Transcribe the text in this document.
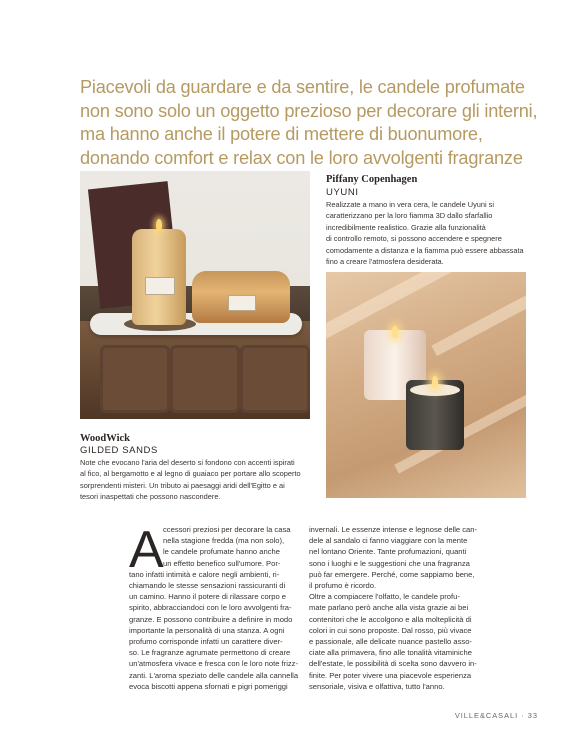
Piacevoli da guardare e da sentire, le candele profumate
non sono solo un oggetto prezioso per decorare gli interni,
ma hanno anche il potere di mettere di buonumore,
donando comfort e relax con le loro avvolgenti fragranze
Piffany Copenhagen
UYUNI
Realizzate a mano in vera cera, le candele Uyuni si
caratterizzano per la loro fiamma 3D dallo sfarfallio
incredibilmente realistico. Grazie alla funzionalità
di controllo remoto, si possono accendere e spegnere
comodamente a distanza e la fiamma può essere abbassata
fino a creare l'atmosfera desiderata.
WoodWick
GILDED SANDS
Note che evocano l'aria del deserto si fondono con accenti ispirati
al fico, al bergamotto e al legno di guaiaco per portare allo scoperto
sorprendenti misteri. Un tributo ai paesaggi aridi dell'Egitto e ai
tesori inaspettati che possono nascondere.
A ccessori preziosi per decorare la casa
nella stagione fredda (ma non solo),
le candele profumate hanno anche
un effetto benefico sull'umore. Por-
tano infatti intimità e calore negli ambienti, ri-
chiamando le stesse sensazioni rassicuranti di
un camino. Hanno il potere di rilassare corpo e
spirito, abbracciandoci con le loro avvolgenti fra-
granze. E possono contribuire a definire in modo
importante la personalità di una stanza. A ogni
profumo corrisponde infatti un carattere diver-
so. Le fragranze agrumate permettono di creare
un'atmosfera vivace e fresca con le loro note frizz-
zanti. L'aroma speziato delle candele alla cannella
evoca biscotti appena sfornati e pigri pomeriggi
invernali. Le essenze intense e legnose delle can-
dele al sandalo ci fanno viaggiare con la mente
nel lontano Oriente. Tante profumazioni, quanti
sono i luoghi e le suggestioni che una fragranza
può far emergere. Perché, come sappiamo bene,
il profumo è ricordo.
Oltre a compiacere l'olfatto, le candele profu-
mate parlano però anche alla vista grazie ai bei
contenitori che le accolgono e alla molteplicità di
colori in cui sono proposte. Dal rosso, più vivace
e passionale, alle delicate nuance pastello asso-
ciate alla primavera, fino alle tonalità vitaminiche
dell'estate, le possibilità di scelta sono davvero in-
finite. Per poter vivere una piacevole esperienza
sensoriale, visiva e olfattiva, tutto l'anno.
VILLE&CASALI · 33
